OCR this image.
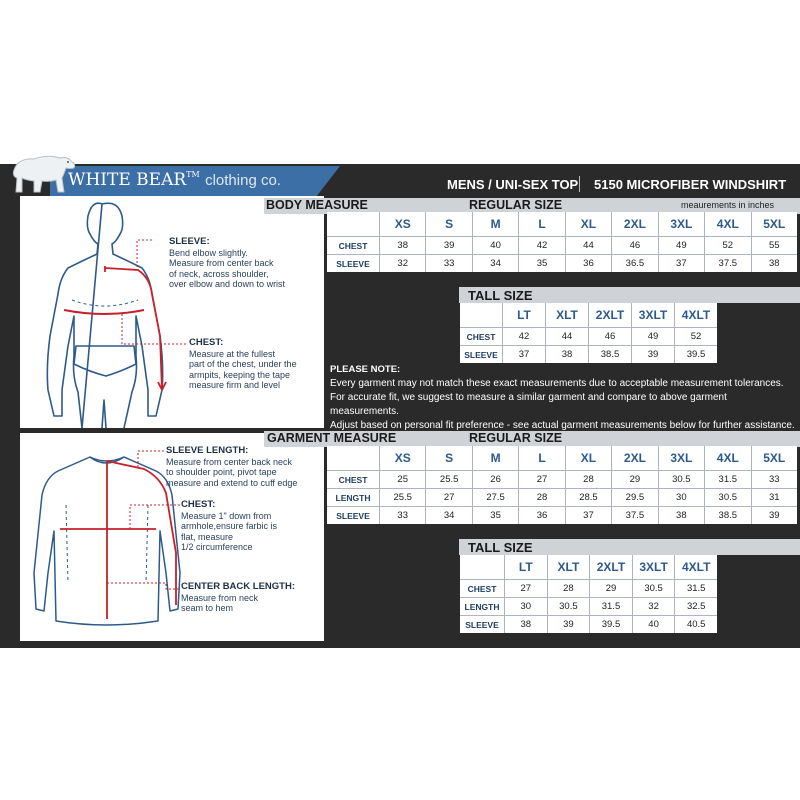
WHITE BEAR™ clothing co.	MENS / UNI-SEX TOP 5150 MICROFIBER WINDSHIRT
SLEEVE:
Bend elbow slightly.
Measure from center back
of neck, across shoulder,
over elbow and down to wrist
CHEST:
Measure at the fullest
part of the chest, under the
armpits, keeping the tape
measure firm and level
BODY MEASURE	REGULAR SIZE	meaurements in inches
	XS	S	M	L	XL	2XL	3XL	4XL	5XL
CHEST	38	39	40	42	44	46	49	52	55
SLEEVE	32	33	34	35	36	36.5	37	37.5	38
TALL SIZE
	LT	XLT	2XLT	3XLT	4XLT
CHEST	42	44	46	49	52
SLEEVE	37	38	38.5	39	39.5
PLEASE NOTE:
Every garment may not match these exact measurements due to acceptable measurement tolerances.
For accurate fit, we suggest to measure a similar garment and compare to above garment measurements.
Adjust based on personal fit preference - see actual garment measurements below for further assistance.
SLEEVE LENGTH:
Measure from center back neck
to shoulder point, pivot tape
measure and extend to cuff edge
CHEST:
Measure 1" down from
armhole,ensure farbic is
flat, measure
1/2 circumference
CENTER BACK LENGTH:
Measure from neck
seam to hem
GARMENT MEASURE	REGULAR SIZE
	XS	S	M	L	XL	2XL	3XL	4XL	5XL
CHEST	25	25.5	26	27	28	29	30.5	31.5	33
LENGTH	25.5	27	27.5	28	28.5	29.5	30	30.5	31
SLEEVE	33	34	35	36	37	37.5	38	38.5	39
TALL SIZE
	LT	XLT	2XLT	3XLT	4XLT
CHEST	27	28	29	30.5	31.5
LENGTH	30	30.5	31.5	32	32.5
SLEEVE	38	39	39.5	40	40.5
